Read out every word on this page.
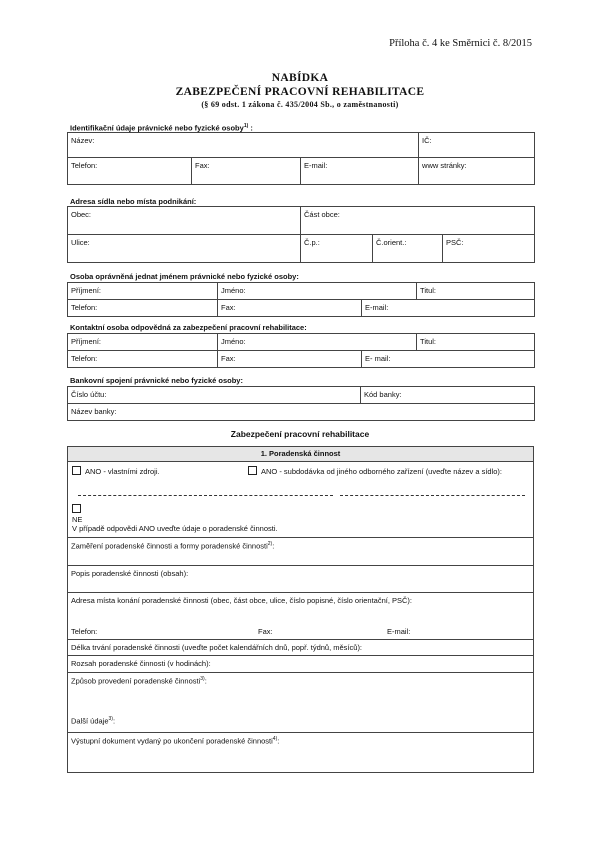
Příloha č. 4 ke Směrnici č. 8/2015
NABÍDKA
ZABEZPEČENÍ PRACOVNÍ REHABILITACE
(§ 69 odst. 1 zákona č. 435/2004 Sb., o zaměstnanosti)
Identifikační údaje právnické nebo fyzické osoby$^{1)}$ :
Název:			IČ:
Telefon:	Fax:	E-mail:	www stránky:
Adresa sídla nebo místa podnikání:
Obec:	Část obce:		
Ulice:	Č.p.:	Č.orient.:	PSČ:
Osoba oprávněná jednat jménem právnické nebo fyzické osoby:
Příjmení:	Jméno:		Titul:
Telefon:	Fax:	E-mail:	
Kontaktní osoba odpovědná za zabezpečení pracovní rehabilitace:
Příjmení:	Jméno:		Titul:
Telefon:	Fax:	E- mail:	
Bankovní spojení právnické nebo fyzické osoby:
Číslo účtu:	Kód banky:
Název banky:
Zabezpečení pracovní rehabilitace
1. Poradenská činnost
ANO - vlastními zdroji.	ANO - subdodávka od jiného odborného zařízení (uveďte název a sídlo):
NE
V případě odpovědi ANO uveďte údaje o poradenské činnosti.
Zaměření poradenské činnosti a formy poradenské činnosti$^{2)}$:
Popis poradenské činnosti (obsah):
Adresa místa konání poradenské činnosti (obec, část obce, ulice, číslo popisné, číslo orientační, PSČ):
Telefon:	Fax:	E-mail:
Délka trvání poradenské činnosti (uveďte počet kalendářních dnů, popř. týdnů, měsíců):
Rozsah poradenské činnosti (v hodinách):
Způsob provedení poradenské činnosti$^{3)}$:
Další údaje$^{3)}$:
Výstupní dokument vydaný po ukončení poradenské činnosti$^{4)}$:
